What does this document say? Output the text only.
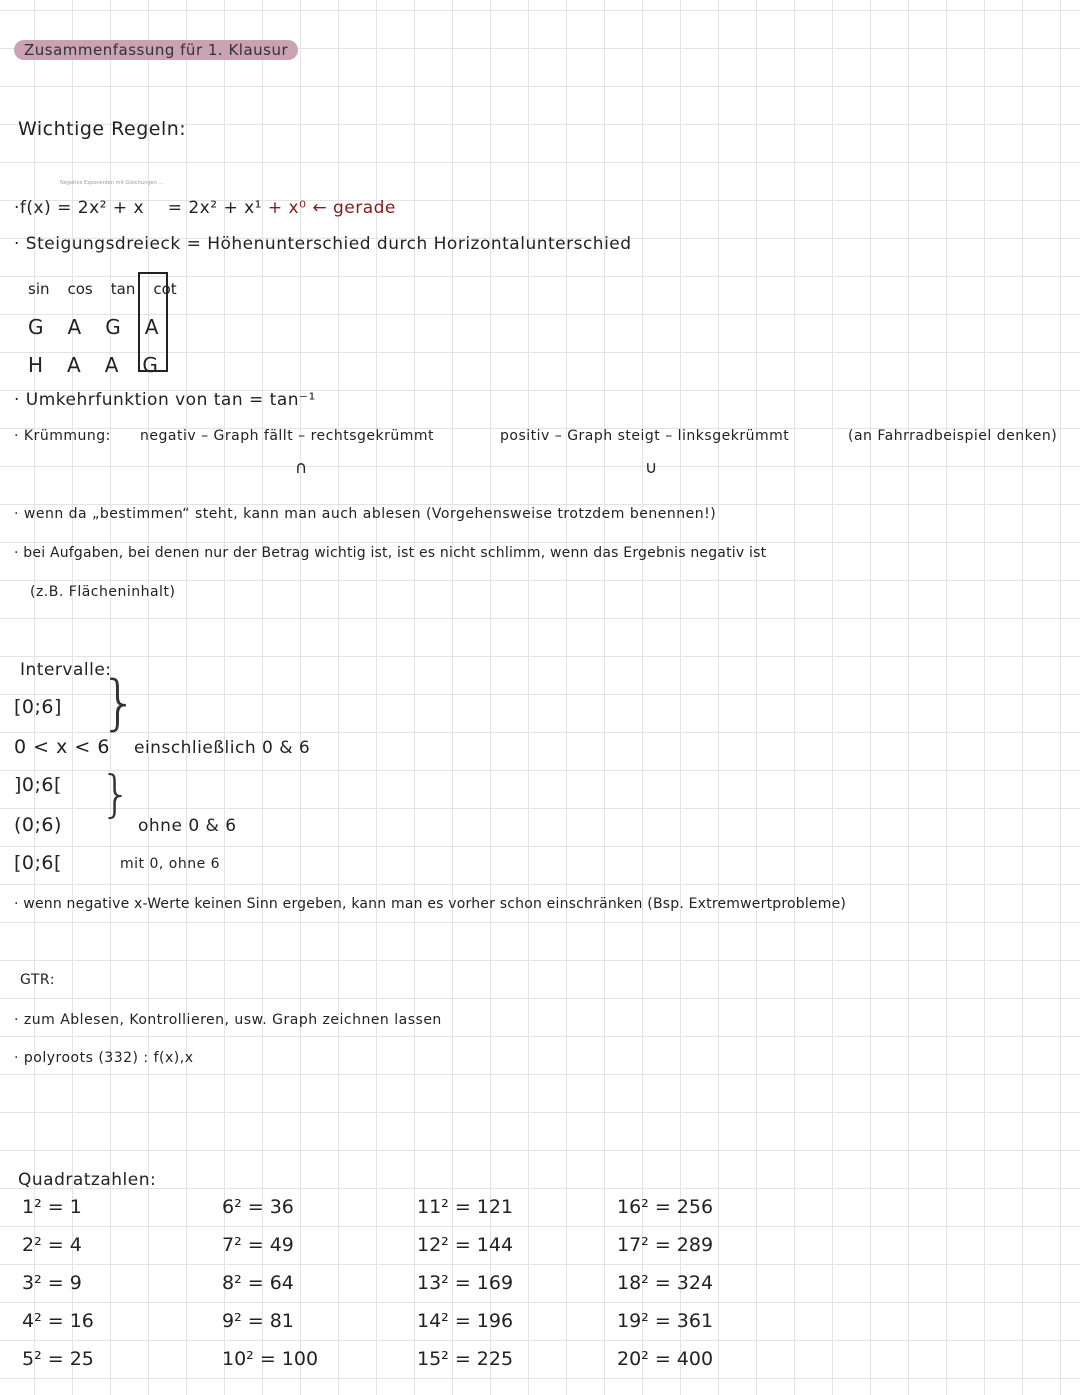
Zusammenfassung für 1. Klausur
Wichtige Regeln:
Negative Exponenten mit Gleichungen ...
·f(x) = 2x² + x = 2x² + x¹ + x⁰ ← gerade
· Steigungsdreieck = Höhenunterschied durch Horizontalunterschied
sin cos tan cot
G A G A
H A A G
· Umkehrfunktion von tan = tan⁻¹
· Krümmung: negativ – Graph fällt – rechtsgekrümmt
∩
positiv – Graph steigt – linksgekrümmt
∪
(an Fahrradbeispiel denken)
· wenn da „bestimmen“ steht, kann man auch ablesen (Vorgehensweise trotzdem benennen!)
· bei Aufgaben, bei denen nur der Betrag wichtig ist, ist es nicht schlimm, wenn das Ergebnis negativ ist
(z.B. Flächeninhalt)
Intervalle:
[0;6]
0 < x < 6
]0;6[
(0;6)
[0;6[
}
}
einschließlich 0 & 6
ohne 0 & 6
mit 0, ohne 6
· wenn negative x-Werte keinen Sinn ergeben, kann man es vorher schon einschränken (Bsp. Extremwertprobleme)
GTR:
· zum Ablesen, Kontrollieren, usw. Graph zeichnen lassen
· polyroots (332) : f(x),x
Quadratzahlen:
1² = 1	6² = 36	11² = 121	16² = 256
2² = 4	7² = 49	12² = 144	17² = 289
3² = 9	8² = 64	13² = 169	18² = 324
4² = 16	9² = 81	14² = 196	19² = 361
5² = 25	10² = 100	15² = 225	20² = 400
